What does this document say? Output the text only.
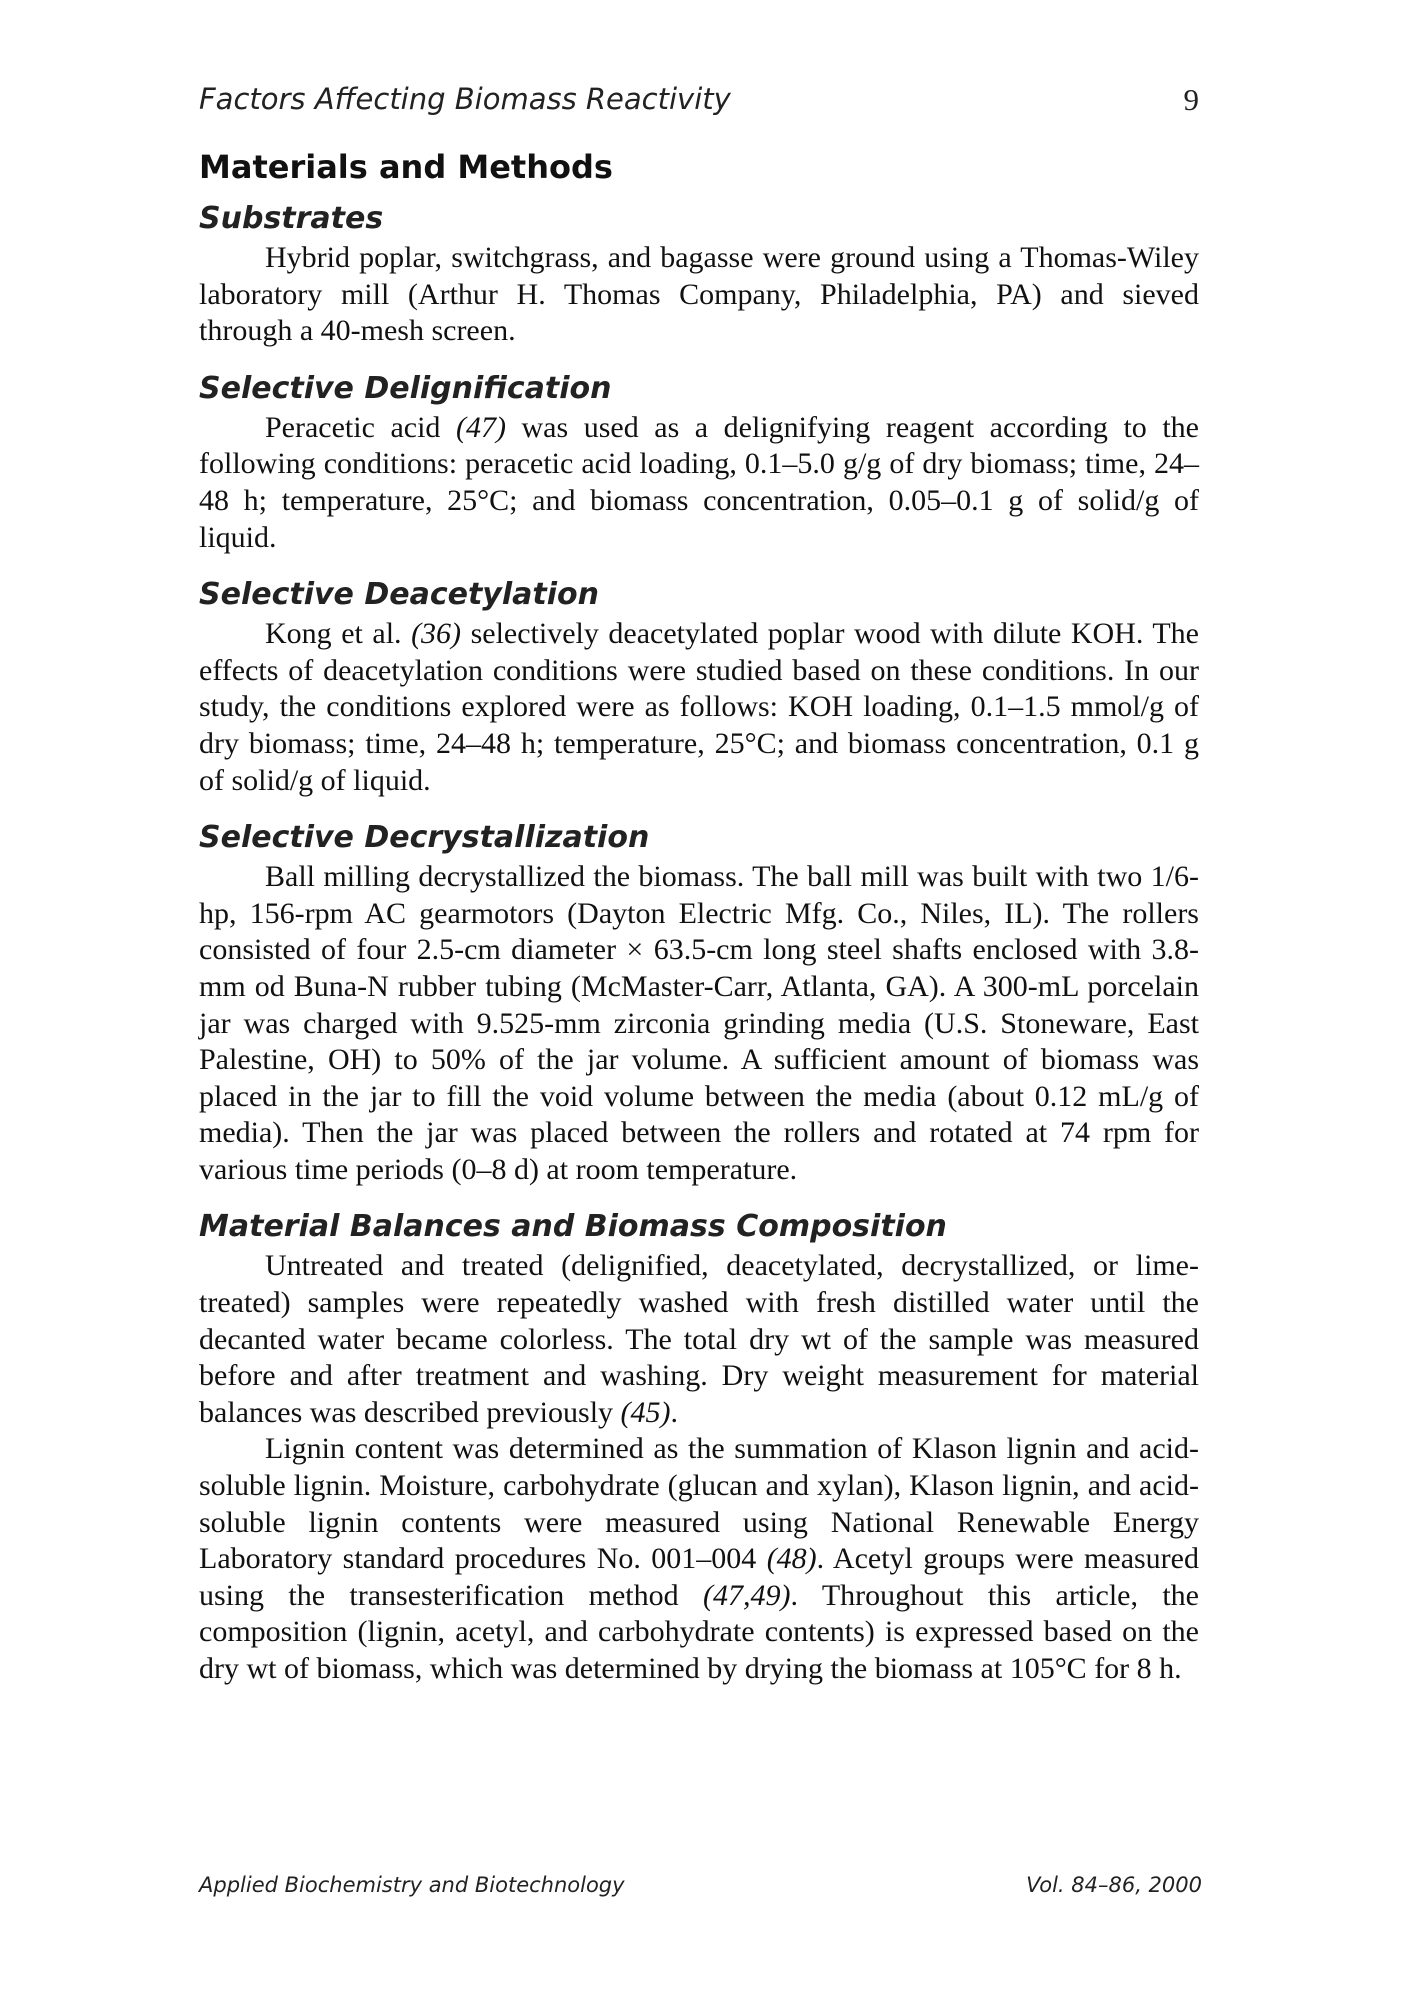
Factors Affecting Biomass Reactivity	9
Materials and Methods
Substrates

Hybrid poplar, switchgrass, and bagasse were ground using a Thomas-Wiley laboratory mill (Arthur H. Thomas Company, Philadelphia, PA) and sieved through a 40-mesh screen.

Selective Delignification

Peracetic acid (47) was used as a delignifying reagent according to the following conditions: peracetic acid loading, 0.1–5.0 g/g of dry biomass; time, 24–48 h; temperature, 25°C; and biomass concentration, 0.05–0.1 g of solid/g of liquid.

Selective Deacetylation

Kong et al. (36) selectively deacetylated poplar wood with dilute KOH. The effects of deacetylation conditions were studied based on these conditions. In our study, the conditions explored were as follows: KOH loading, 0.1–1.5 mmol/g of dry biomass; time, 24–48 h; temperature, 25°C; and biomass concentration, 0.1 g of solid/g of liquid.

Selective Decrystallization

Ball milling decrystallized the biomass. The ball mill was built with two 1/6-hp, 156-rpm AC gearmotors (Dayton Electric Mfg. Co., Niles, IL). The rollers consisted of four 2.5-cm diameter × 63.5-cm long steel shafts enclosed with 3.8-mm od Buna-N rubber tubing (McMaster-Carr, Atlanta, GA). A 300-mL porcelain jar was charged with 9.525-mm zirconia grinding media (U.S. Stoneware, East Palestine, OH) to 50% of the jar volume. A sufficient amount of biomass was placed in the jar to fill the void volume between the media (about 0.12 mL/g of media). Then the jar was placed between the rollers and rotated at 74 rpm for various time periods (0–8 d) at room temperature.

Material Balances and Biomass Composition

Untreated and treated (delignified, deacetylated, decrystallized, or lime-treated) samples were repeatedly washed with fresh distilled water until the decanted water became colorless. The total dry wt of the sample was measured before and after treatment and washing. Dry weight measurement for material balances was described previously (45).

Lignin content was determined as the summation of Klason lignin and acid-soluble lignin. Moisture, carbohydrate (glucan and xylan), Klason lignin, and acid-soluble lignin contents were measured using National Renewable Energy Laboratory standard procedures No. 001–004 (48). Acetyl groups were measured using the transesterification method (47,49). Throughout this article, the composition (lignin, acetyl, and carbohydrate contents) is expressed based on the dry wt of biomass, which was determined by drying the biomass at 105°C for 8 h.

Applied Biochemistry and Biotechnology	Vol. 84–86, 2000
